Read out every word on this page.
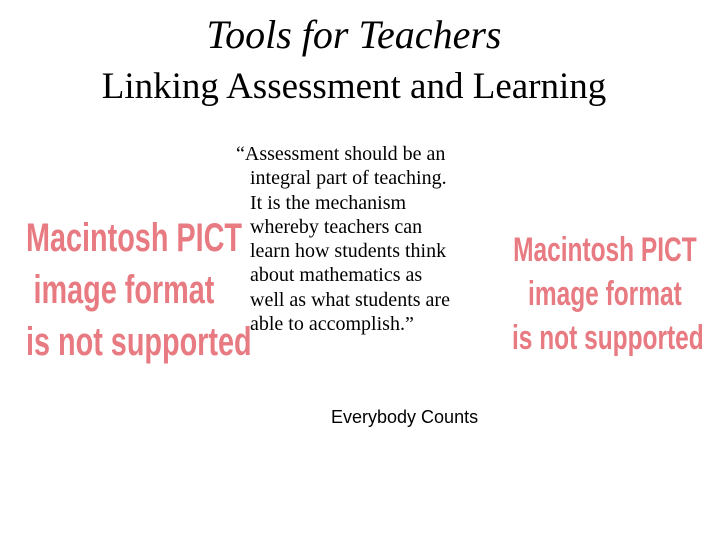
Tools for Teachers
Linking Assessment and Learning
Macintosh PICT
image format
is not supported
“Assessment should be an
integral part of teaching.
It is the mechanism
whereby teachers can
learn how students think
about mathematics as
well as what students are
able to accomplish.”
Macintosh PICT
image format
is not supported
Everybody Counts
